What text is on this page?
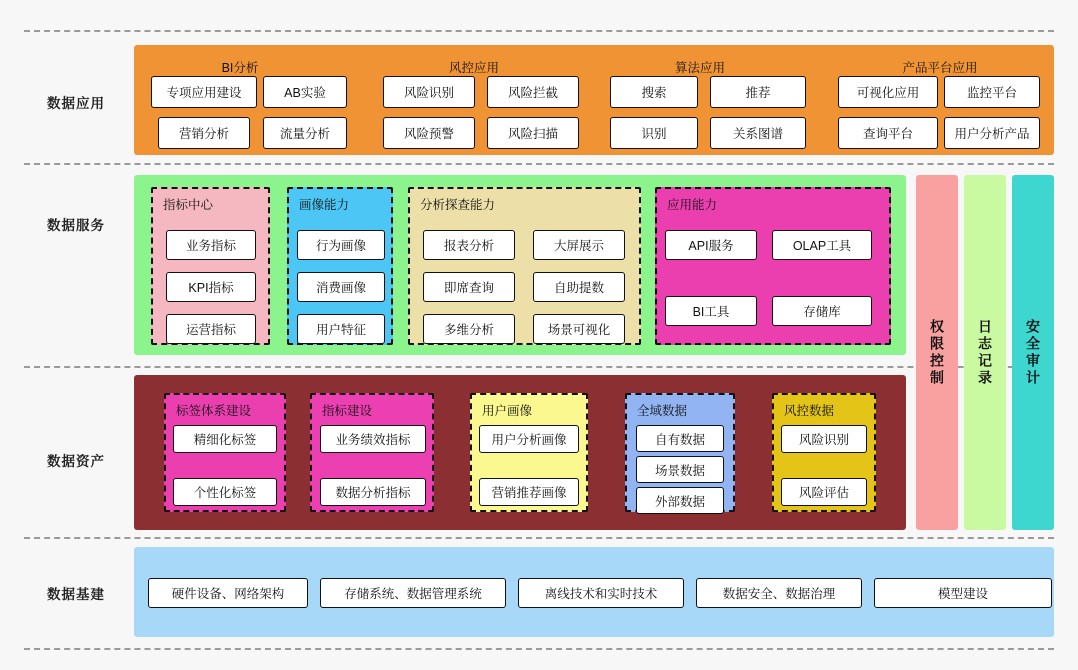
数据应用
数据服务
数据资产
数据基建
BI分析	风控应用	算法应用	产品平台应用
专项应用建设	AB实验
营销分析	流量分析
风险识别	风险拦截
风险预警	风险扫描
搜索	推荐
识别	关系图谱
可视化应用	监控平台
查询平台	用户分析产品
指标中心
业务指标
KPI指标
运营指标
画像能力
行为画像
消费画像
用户特征
分析探查能力
报表分析	大屏展示
即席查询	自助提数
多维分析	场景可视化
应用能力
API服务	OLAP工具
BI工具	存储库
标签体系建设
精细化标签
个性化标签
指标建设
业务绩效指标
数据分析指标
用户画像
用户分析画像
营销推荐画像
全域数据
自有数据
场景数据
外部数据
风控数据
风险识别
风险评估
权限控制 日志记录 安全审计
硬件设备、网络架构	存储系统、数据管理系统	离线技术和实时技术	数据安全、数据治理	模型建设
